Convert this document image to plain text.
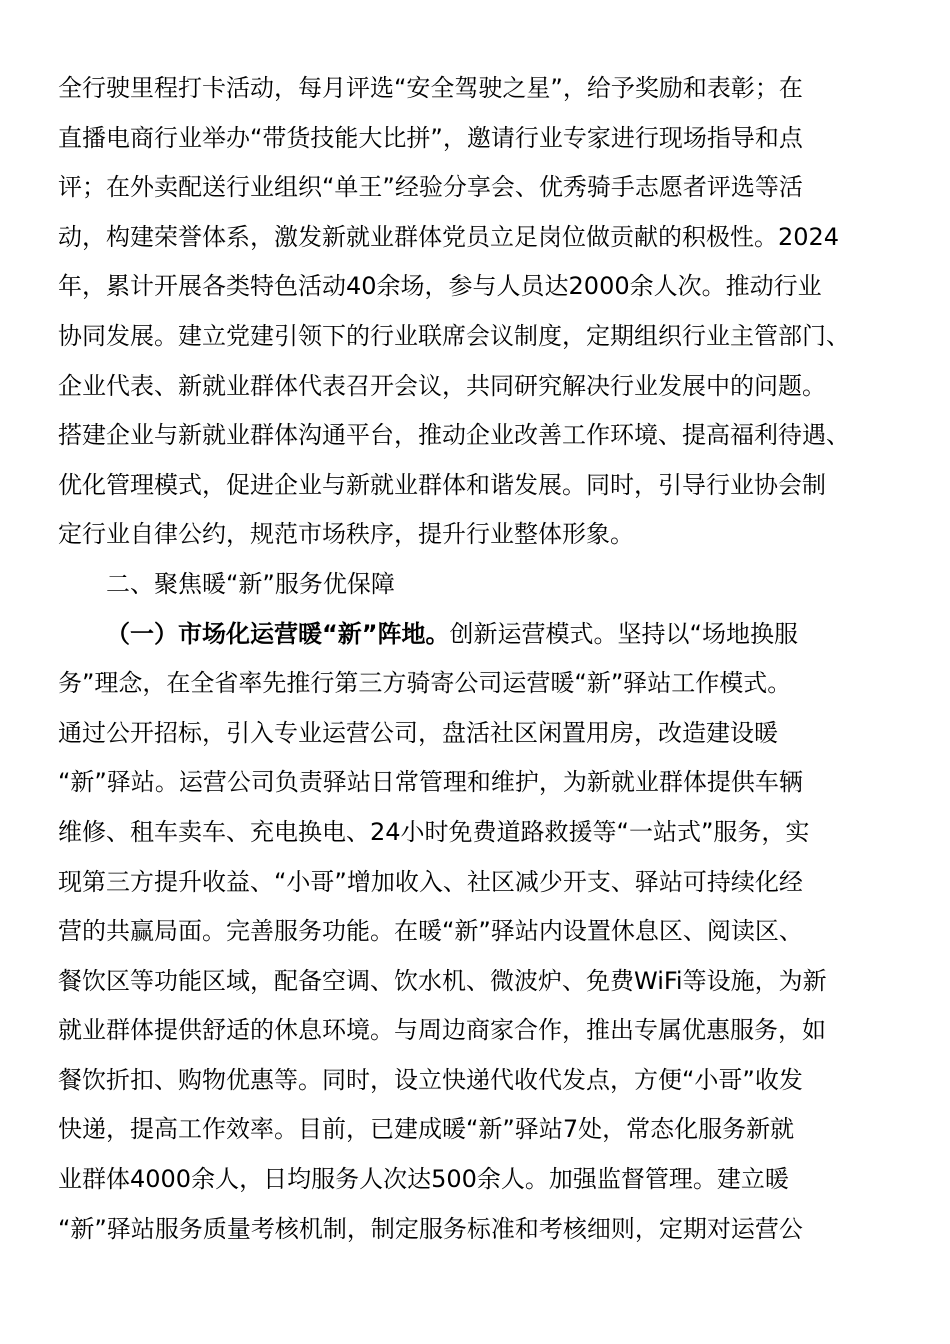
全行驶里程打卡活动，每月评选“安全驾驶之星”，给予奖励和表彰；在
直播电商行业举办“带货技能大比拼”，邀请行业专家进行现场指导和点
评；在外卖配送行业组织“单王”经验分享会、优秀骑手志愿者评选等活
动，构建荣誉体系，激发新就业群体党员立足岗位做贡献的积极性。2024
年，累计开展各类特色活动40余场，参与人员达2000余人次。推动行业
协同发展。建立党建引领下的行业联席会议制度，定期组织行业主管部门、
企业代表、新就业群体代表召开会议，共同研究解决行业发展中的问题。
搭建企业与新就业群体沟通平台，推动企业改善工作环境、提高福利待遇、
优化管理模式，促进企业与新就业群体和谐发展。同时，引导行业协会制
定行业自律公约，规范市场秩序，提升行业整体形象。
二、聚焦暖“新”服务优保障
（一）市场化运营暖“新”阵地。创新运营模式。坚持以“场地换服
务”理念，在全省率先推行第三方骑寄公司运营暖“新”驿站工作模式。
通过公开招标，引入专业运营公司，盘活社区闲置用房，改造建设暖
“新”驿站。运营公司负责驿站日常管理和维护，为新就业群体提供车辆
维修、租车卖车、充电换电、24小时免费道路救援等“一站式”服务，实
现第三方提升收益、“小哥”增加收入、社区减少开支、驿站可持续化经
营的共赢局面。完善服务功能。在暖“新”驿站内设置休息区、阅读区、
餐饮区等功能区域，配备空调、饮水机、微波炉、免费WiFi等设施，为新
就业群体提供舒适的休息环境。与周边商家合作，推出专属优惠服务，如
餐饮折扣、购物优惠等。同时，设立快递代收代发点，方便“小哥”收发
快递，提高工作效率。目前，已建成暖“新”驿站7处，常态化服务新就
业群体4000余人，日均服务人次达500余人。加强监督管理。建立暖
“新”驿站服务质量考核机制，制定服务标准和考核细则，定期对运营公
